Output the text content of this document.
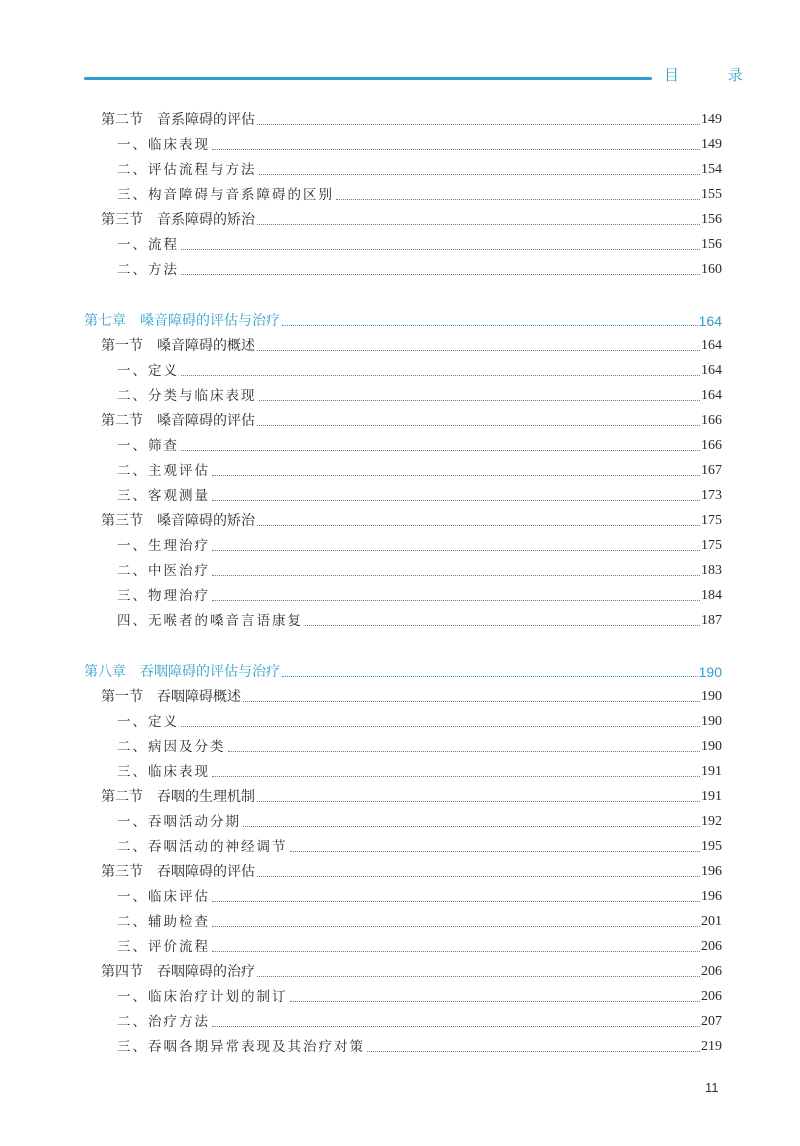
目 录
第二节　音系障碍的评估	149
一、临床表现	149
二、评估流程与方法	154
三、构音障碍与音系障碍的区别	155
第三节　音系障碍的矫治	156
一、流程	156
二、方法	160
第七章　嗓音障碍的评估与治疗	164
第一节　嗓音障碍的概述	164
一、定义	164
二、分类与临床表现	164
第二节　嗓音障碍的评估	166
一、筛查	166
二、主观评估	167
三、客观测量	173
第三节　嗓音障碍的矫治	175
一、生理治疗	175
二、中医治疗	183
三、物理治疗	184
四、无喉者的嗓音言语康复	187
第八章　吞咽障碍的评估与治疗	190
第一节　吞咽障碍概述	190
一、定义	190
二、病因及分类	190
三、临床表现	191
第二节　吞咽的生理机制	191
一、吞咽活动分期	192
二、吞咽活动的神经调节	195
第三节　吞咽障碍的评估	196
一、临床评估	196
二、辅助检查	201
三、评价流程	206
第四节　吞咽障碍的治疗	206
一、临床治疗计划的制订	206
二、治疗方法	207
三、吞咽各期异常表现及其治疗对策	219
11
